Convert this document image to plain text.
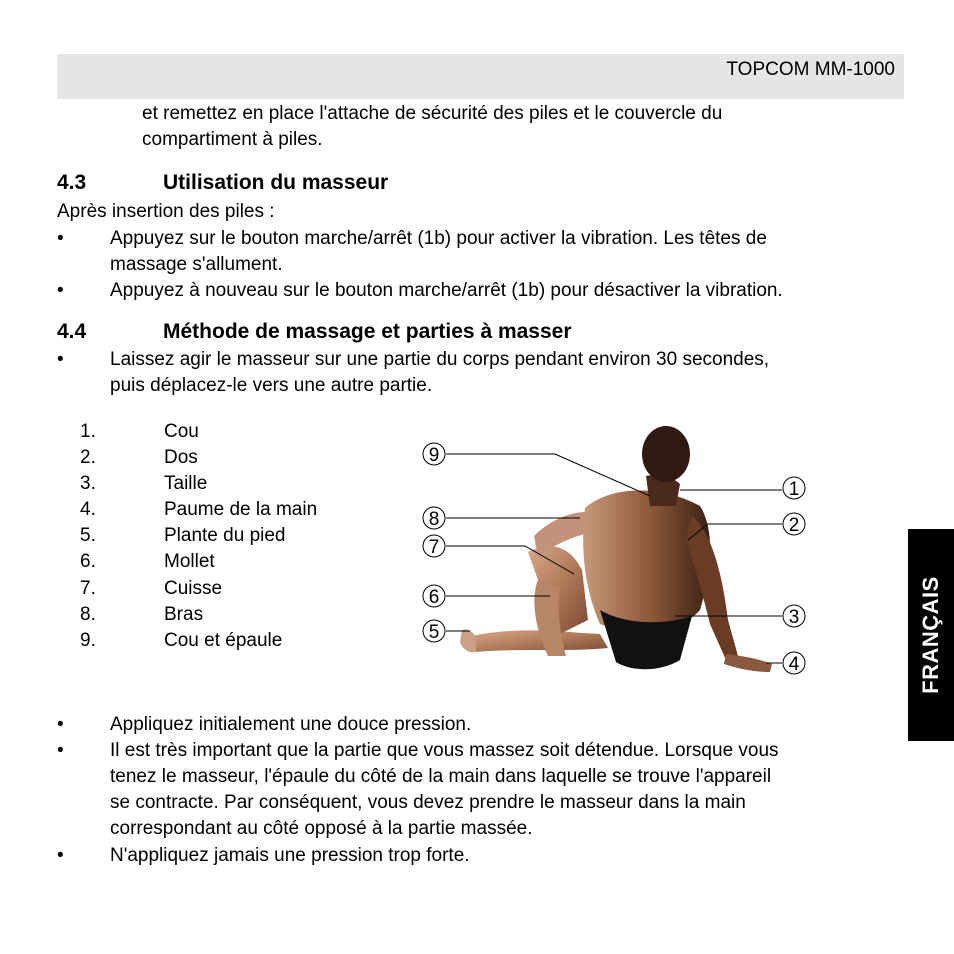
TOPCOM MM-1000
et remettez en place l'attache de sécurité des piles et le couvercle du
compartiment à piles.
4.3	Utilisation du masseur
Après insertion des piles :
• Appuyez sur le bouton marche/arrêt (1b) pour activer la vibration. Les têtes de
massage s'allument.
• Appuyez à nouveau sur le bouton marche/arrêt (1b) pour désactiver la vibration.
4.4	Méthode de massage et parties à masser
• Laissez agir le masseur sur une partie du corps pendant environ 30 secondes,
puis déplacez-le vers une autre partie.
1.	Cou
2.	Dos
3.	Taille
4.	Paume de la main
5.	Plante du pied
6.	Mollet
7.	Cuisse
8.	Bras
9.	Cou et épaule
9
8
7
6
5
1
2
3
4
• Appliquez initialement une douce pression.
• Il est très important que la partie que vous massez soit détendue. Lorsque vous
tenez le masseur, l'épaule du côté de la main dans laquelle se trouve l'appareil
se contracte. Par conséquent, vous devez prendre le masseur dans la main
correspondant au côté opposé à la partie massée.
• N'appliquez jamais une pression trop forte.
FRANÇAIS
